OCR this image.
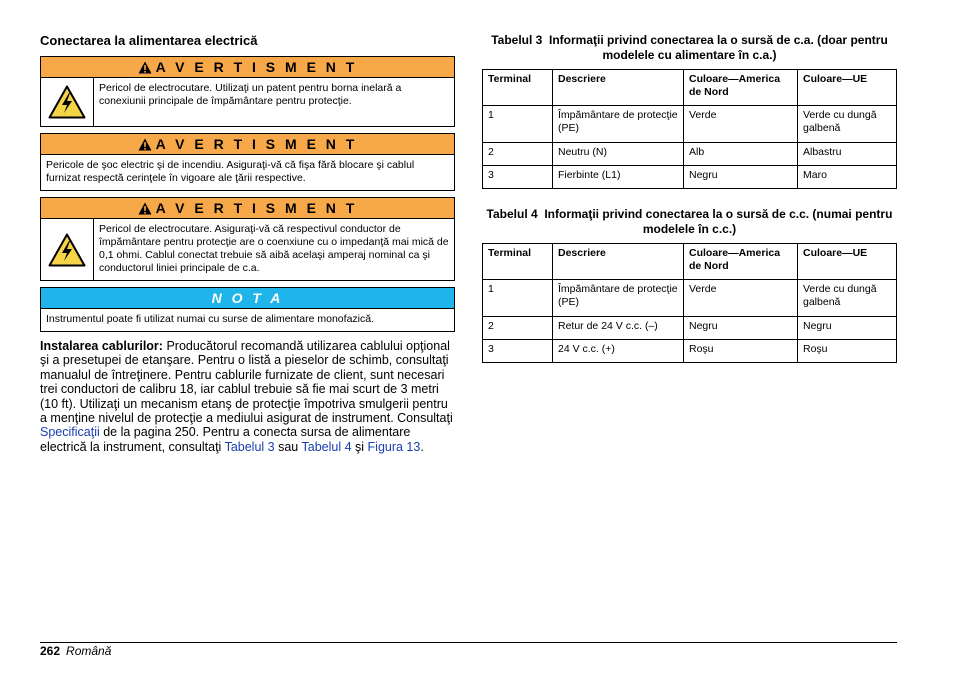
Conectarea la alimentarea electrică
A V E R T I S M E N T
Pericol de electrocutare. Utilizaţi un patent pentru borna inelară a conexiunii principale de împământare pentru protecţie.
A V E R T I S M E N T
Pericole de şoc electric şi de incendiu. Asiguraţi-vă că fişa fără blocare şi cablul furnizat respectă cerinţele în vigoare ale ţării respective.
A V E R T I S M E N T
Pericol de electrocutare. Asiguraţi-vă că respectivul conductor de împământare pentru protecţie are o coenxiune cu o impedanţă mai mică de 0,1 ohmi. Cablul conectat trebuie să aibă acelaşi amperaj nominal ca şi conductorul liniei principale de c.a.
N O T A
Instrumentul poate fi utilizat numai cu surse de alimentare monofazică.
Instalarea cablurilor: Producătorul recomandă utilizarea cablului opţional şi a presetupei de etanşare. Pentru o listă a pieselor de schimb, consultaţi manualul de întreţinere. Pentru cablurile furnizate de client, sunt necesari trei conductori de calibru 18, iar cablul trebuie să fie mai scurt de 3 metri (10 ft). Utilizaţi un mecanism etanş de protecţie împotriva smulgerii pentru a menţine nivelul de protecţie a mediului asigurat de instrument. Consultaţi Specificaţii de la pagina 250. Pentru a conecta sursa de alimentare electrică la instrument, consultaţi Tabelul 3 sau Tabelul 4 şi Figura 13.
Tabelul 3 Informaţii privind conectarea la o sursă de c.a. (doar pentru modelele cu alimentare în c.a.)
Terminal	Descriere	Culoare—America de Nord	Culoare—UE
1	Împământare de protecţie (PE)	Verde	Verde cu dungă galbenă
2	Neutru (N)	Alb	Albastru
3	Fierbinte (L1)	Negru	Maro
Tabelul 4 Informaţii privind conectarea la o sursă de c.c. (numai pentru modelele în c.c.)
Terminal	Descriere	Culoare—America de Nord	Culoare—UE
1	Împământare de protecţie (PE)	Verde	Verde cu dungă galbenă
2	Retur de 24 V c.c. (–)	Negru	Negru
3	24 V c.c. (+)	Roşu	Roşu
262 Română
